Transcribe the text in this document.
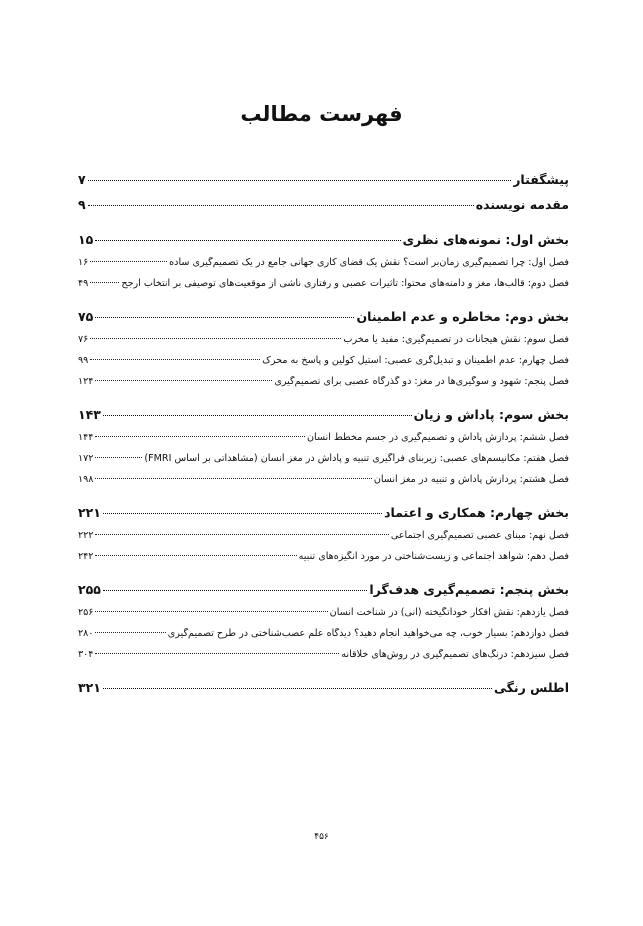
فهرست مطالب
پیشگفتار
۷
مقدمه نویسنده
۹
بخش اول: نمونه‌های نظری
۱۵
فصل اول: چرا تصمیم‌گیری زمان‌بر است؟ نقش یک قضای کاری جهانی جامع در یک تصمیم‌گیری ساده
۱۶
فصل دوم: قالب‌ها، مغز و دامنه‌های محتوا: تأثیرات عصبی و رفتاری ناشی از موقعیت‌های توصیفی بر انتخاب ارجح
۴۹
بخش دوم: مخاطره و عدم اطمینان
۷۵
فصل سوم: نقش هیجانات در تصمیم‌گیری: مفید یا مخرب
۷۶
فصل چهارم: عدم اطمینان و تبدیل‌گری عصبی: استیل کولین و پاسخ به محرک
۹۹
فصل پنجم: شهود و سوگیری‌ها در مغز: دو گذرگاه عصبی برای تصمیم‌گیری
۱۲۴
بخش سوم: پاداش و زیان
۱۴۳
فصل ششم: پردازش پاداش و تصمیم‌گیری در جسم مخطط انسان
۱۴۴
فصل هفتم: مکانیسم‌های عصبی: زیربنای فراگیری تنبیه و پاداش در مغز انسان (مشاهداتی بر اساس FMRI)
۱۷۲
فصل هشتم: پردازش پاداش و تنبیه در مغز انسان
۱۹۸
بخش چهارم: همکاری و اعتماد
۲۲۱
فصل نهم: مبنای عصبی تصمیم‌گیری اجتماعی
۲۲۲
فصل دهم: شواهد اجتماعی و زیست‌شناختی در مورد انگیزه‌های تنبیه
۲۴۲
بخش پنجم: تصمیم‌گیری هدف‌گرا
۲۵۵
فصل یازدهم: نقش افکار خوداتگیخته (آنی) در شناخت انسان
۲۵۶
فصل دوازدهم: بسیار خوب، چه می‌خواهید انجام دهید؟ دیدگاه علم عصب‌شناختی در طرح تصمیم‌گیری
۲۸۰
فصل سیزدهم: درنگ‌های تصمیم‌گیری در روش‌های خلاقانه
۳۰۴
اطلس رنگی
۳۲۱
۴۵۶
